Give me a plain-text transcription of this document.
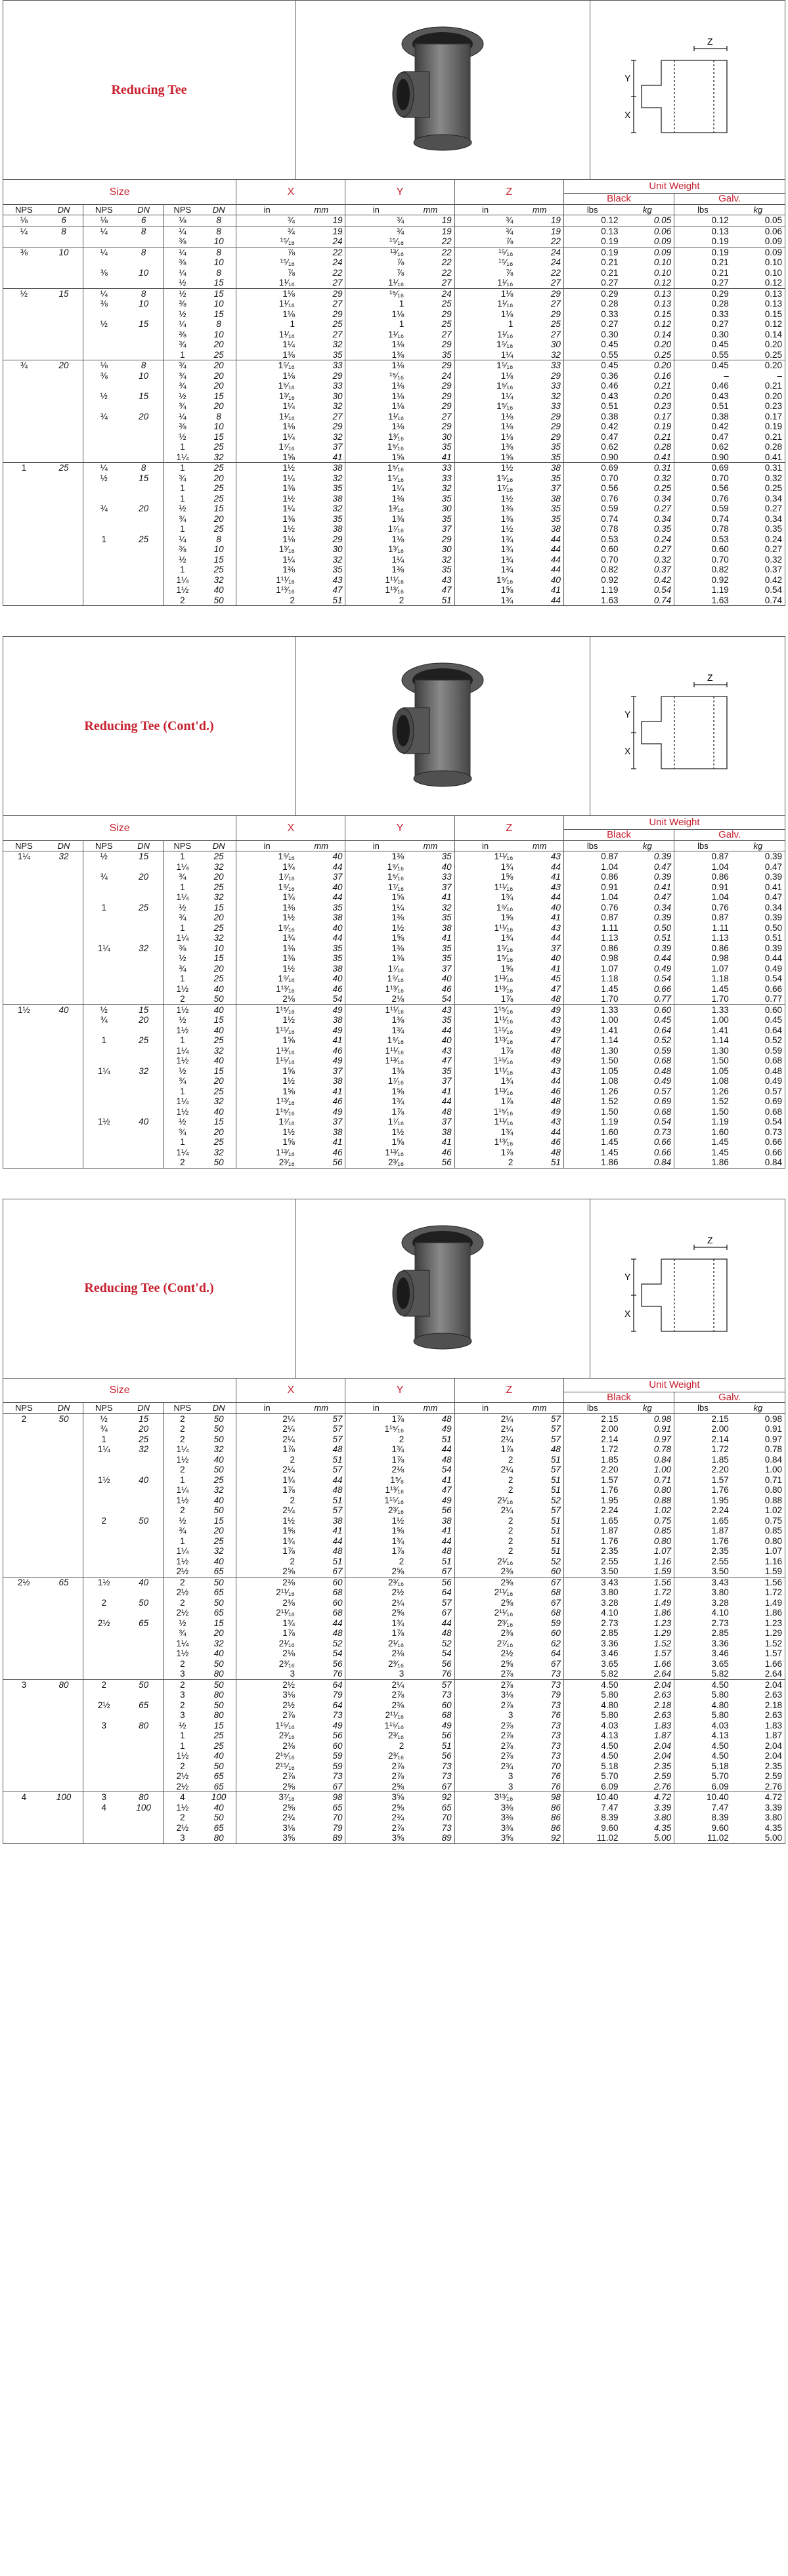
Reducing Tee
Z
Y
X
Size						X		Y		Z		Unit Weight			
												Black		Galv.	
NPS	DN	NPS	DN	NPS	DN	in	mm	in	mm	in	mm	lbs	kg	lbs	kg
⅛	6	⅛	6	⅛	8	¾	19	¾	19	¾	19	0.12	0.05	0.12	0.05
¼	8	¼	8	¼	8	¾	19	¾	19	¾	19	0.13	0.06	0.13	0.06
				⅜	10	¹⁵⁄₁₆	24	¹⁵⁄₁₆	22	⅞	22	0.19	0.09	0.19	0.09
⅜	10	¼	8	¼	8	⅞	22	¹³⁄₁₆	22	¹⁵⁄₁₆	24	0.19	0.09	0.19	0.09
				⅜	10	¹⁵⁄₁₆	24	⅞	22	¹⁵⁄₁₆	24	0.21	0.10	0.21	0.10
		⅜	10	¼	8	⅞	22	⅞	22	⅞	22	0.21	0.10	0.21	0.10
				½	15	1¹⁄₁₆	27	1¹⁄₁₆	27	1¹⁄₁₆	27	0.27	0.12	0.27	0.12
½	15	¼	8	½	15	1⅛	29	¹⁵⁄₁₆	24	1⅛	29	0.29	0.13	0.29	0.13
		⅜	10	⅜	10	1¹⁄₁₆	27	1	25	1¹⁄₁₆	27	0.28	0.13	0.28	0.13
				½	15	1⅛	29	1⅛	29	1⅛	29	0.33	0.15	0.33	0.15
		½	15	¼	8	1	25	1	25	1	25	0.27	0.12	0.27	0.12
				⅜	10	1¹⁄₁₆	27	1¹⁄₁₆	27	1¹⁄₁₆	27	0.30	0.14	0.30	0.14
				¾	20	1¼	32	1⅛	29	1⁵⁄₁₆	30	0.45	0.20	0.45	0.20
				1	25	1⅜	35	1⅜	35	1¼	32	0.55	0.25	0.55	0.25
¾	20	⅛	8	¾	20	1⁵⁄₁₆	33	1⅛	29	1⁵⁄₁₆	33	0.45	0.20	0.45	0.20
		⅜	10	¾	20	1⅛	29	¹⁵⁄₁₆	24	1⅛	29	0.36	0.16	–	–
				¾	20	1⁵⁄₁₆	33	1⅛	29	1⁵⁄₁₆	33	0.46	0.21	0.46	0.21
		½	15	½	15	1³⁄₁₆	30	1⅛	29	1¼	32	0.43	0.20	0.43	0.20
				¾	20	1¼	32	1⅛	29	1⁵⁄₁₆	33	0.51	0.23	0.51	0.23
		¾	20	¼	8	1¹⁄₁₆	27	1¹⁄₁₆	27	1⅛	29	0.38	0.17	0.38	0.17
				⅜	10	1⅛	29	1⅛	29	1⅛	29	0.42	0.19	0.42	0.19
				½	15	1¼	32	1³⁄₁₆	30	1⅛	29	0.47	0.21	0.47	0.21
				1	25	1⁷⁄₁₆	37	1⁵⁄₁₆	35	1⅜	35	0.62	0.28	0.62	0.28
				1¼	32	1⅝	41	1⅝	41	1⅝	35	0.90	0.41	0.90	0.41
1	25	¼	8	1	25	1½	38	1⁵⁄₁₆	33	1½	38	0.69	0.31	0.69	0.31
		½	15	¾	20	1¼	32	1⁵⁄₁₆	33	1⁵⁄₁₆	35	0.70	0.32	0.70	0.32
				1	25	1⅜	35	1¼	32	1⁷⁄₁₆	37	0.56	0.25	0.56	0.25
				1	25	1½	38	1⅜	35	1½	38	0.76	0.34	0.76	0.34
		¾	20	½	15	1¼	32	1³⁄₁₆	30	1⅜	35	0.59	0.27	0.59	0.27
				¾	20	1⅜	35	1⅜	35	1⅜	35	0.74	0.34	0.74	0.34
				1	25	1½	38	1⁷⁄₁₆	37	1½	38	0.78	0.35	0.78	0.35
		1	25	¼	8	1⅛	29	1⅛	29	1¾	44	0.53	0.24	0.53	0.24
				⅜	10	1³⁄₁₆	30	1³⁄₁₆	30	1¾	44	0.60	0.27	0.60	0.27
				½	15	1¼	32	1¼	32	1¾	44	0.70	0.32	0.70	0.32
				1	25	1⅜	35	1⅜	35	1¾	44	0.82	0.37	0.82	0.37
				1¼	32	1¹¹⁄₁₆	43	1¹¹⁄₁₆	43	1⁹⁄₁₆	40	0.92	0.42	0.92	0.42
				1½	40	1¹³⁄₁₆	47	1¹³⁄₁₆	47	1⅝	41	1.19	0.54	1.19	0.54
				2	50	2	51	2	51	1¾	44	1.63	0.74	1.63	0.74
Reducing Tee (Cont'd.)
Z
Y
X
Size						X		Y		Z		Unit Weight			
												Black		Galv.	
NPS	DN	NPS	DN	NPS	DN	in	mm	in	mm	in	mm	lbs	kg	lbs	kg
1¼	32	½	15	1	25	1⁹⁄₁₆	40	1⅜	35	1¹¹⁄₁₆	43	0.87	0.39	0.87	0.39
				1¼	32	1¾	44	1⁹⁄₁₆	40	1¾	44	1.04	0.47	1.04	0.47
		¾	20	¾	20	1⁷⁄₁₆	37	1⁵⁄₁₆	33	1⅝	41	0.86	0.39	0.86	0.39
				1	25	1⁹⁄₁₆	40	1⁷⁄₁₆	37	1¹¹⁄₁₆	43	0.91	0.41	0.91	0.41
				1¼	32	1¾	44	1⅝	41	1¾	44	1.04	0.47	1.04	0.47
		1	25	½	15	1⅜	35	1¼	32	1⁹⁄₁₆	40	0.76	0.34	0.76	0.34
				¾	20	1½	38	1⅜	35	1⅝	41	0.87	0.39	0.87	0.39
				1	25	1⁹⁄₁₆	40	1½	38	1¹¹⁄₁₆	43	1.11	0.50	1.11	0.50
				1¼	32	1¾	44	1⅝	41	1¾	44	1.13	0.51	1.13	0.51
		1¼	32	⅜	10	1⅜	35	1⅜	35	1⁵⁄₁₆	37	0.86	0.39	0.86	0.39
				½	15	1⅜	35	1⅜	35	1⁵⁄₁₆	40	0.98	0.44	0.98	0.44
				¾	20	1½	38	1⁷⁄₁₆	37	1⅝	41	1.07	0.49	1.07	0.49
				1	25	1⁹⁄₁₆	40	1⁹⁄₁₆	40	1¹³⁄₁₆	45	1.18	0.54	1.18	0.54
				1½	40	1¹³⁄₁₆	46	1¹³⁄₁₆	46	1¹³⁄₁₆	47	1.45	0.66	1.45	0.66
				2	50	2⅛	54	2⅛	54	1⅞	48	1.70	0.77	1.70	0.77
1½	40	½	15	1½	40	1¹⁵⁄₁₆	49	1¹¹⁄₁₆	43	1¹⁵⁄₁₆	49	1.33	0.60	1.33	0.60
		¾	20	½	15	1½	38	1⅜	35	1¹¹⁄₁₆	43	1.00	0.45	1.00	0.45
				1½	40	1¹⁵⁄₁₆	49	1¾	44	1¹⁵⁄₁₆	49	1.41	0.64	1.41	0.64
		1	25	1	25	1⅝	41	1⁹⁄₁₆	40	1¹³⁄₁₆	47	1.14	0.52	1.14	0.52
				1¼	32	1¹³⁄₁₆	46	1¹¹⁄₁₆	43	1⅞	48	1.30	0.59	1.30	0.59
				1½	40	1¹⁵⁄₁₆	49	1¹³⁄₁₆	47	1¹⁵⁄₁₆	49	1.50	0.68	1.50	0.68
		1¼	32	½	15	1⅝	37	1⅜	35	1¹¹⁄₁₆	43	1.05	0.48	1.05	0.48
				¾	20	1½	38	1⁷⁄₁₆	37	1¾	44	1.08	0.49	1.08	0.49
				1	25	1⅝	41	1⅝	41	1¹³⁄₁₆	46	1.26	0.57	1.26	0.57
				1¼	32	1¹³⁄₁₆	46	1¾	44	1⅞	48	1.52	0.69	1.52	0.69
				1½	40	1¹⁵⁄₁₆	49	1⅞	48	1¹⁵⁄₁₆	49	1.50	0.68	1.50	0.68
		1½	40	½	15	1⁷⁄₁₆	37	1⁷⁄₁₆	37	1¹¹⁄₁₆	43	1.19	0.54	1.19	0.54
				¾	20	1½	38	1½	38	1¾	44	1.60	0.73	1.60	0.73
				1	25	1⅝	41	1⅝	41	1¹³⁄₁₆	46	1.45	0.66	1.45	0.66
				1¼	32	1¹³⁄₁₆	46	1¹³⁄₁₆	46	1⅞	48	1.45	0.66	1.45	0.66
				2	50	2³⁄₁₆	56	2³⁄₁₆	56	2	51	1.86	0.84	1.86	0.84
Reducing Tee (Cont'd.)
Z
Y
X
Size						X		Y		Z		Unit Weight			
												Black		Galv.	
NPS	DN	NPS	DN	NPS	DN	in	mm	in	mm	in	mm	lbs	kg	lbs	kg
2	50	½	15	2	50	2¼	57	1⅞	48	2¼	57	2.15	0.98	2.15	0.98
		¾	20	2	50	2¼	57	1¹⁵⁄₁₆	49	2¼	57	2.00	0.91	2.00	0.91
		1	25	2	50	2¼	57	2	51	2¼	57	2.14	0.97	2.14	0.97
		1¼	32	1¼	32	1⅞	48	1¾	44	1⅞	48	1.72	0.78	1.72	0.78
				1½	40	2	51	1⅞	48	2	51	1.85	0.84	1.85	0.84
				2	50	2¼	57	2⅛	54	2¼	57	2.20	1.00	2.20	1.00
		1½	40	1	25	1¾	44	1⁵⁄₈	41	2	51	1.57	0.71	1.57	0.71
				1¼	32	1⅞	48	1¹³⁄₁₆	47	2	51	1.76	0.80	1.76	0.80
				1½	40	2	51	1¹⁵⁄₁₆	49	2¹⁄₁₆	52	1.95	0.88	1.95	0.88
				2	50	2¼	57	2³⁄₁₆	56	2¼	57	2.24	1.02	2.24	1.02
		2	50	½	15	1½	38	1½	38	2	51	1.65	0.75	1.65	0.75
				¾	20	1⅝	41	1⅝	41	2	51	1.87	0.85	1.87	0.85
				1	25	1¾	44	1¾	44	2	51	1.76	0.80	1.76	0.80
				1¼	32	1⅞	48	1⅞	48	2	51	2.35	1.07	2.35	1.07
				1½	40	2	51	2	51	2¹⁄₁₆	52	2.55	1.16	2.55	1.16
				2½	65	2⅝	67	2⅝	67	2⅜	60	3.50	1.59	3.50	1.59
2½	65	1½	40	2	50	2⅜	60	2³⁄₁₆	56	2⅝	67	3.43	1.56	3.43	1.56
				2½	65	2¹¹⁄₁₆	68	2½	64	2¹¹⁄₁₆	68	3.80	1.72	3.80	1.72
		2	50	2	50	2⅜	60	2¼	57	2⅝	67	3.28	1.49	3.28	1.49
				2½	65	2¹¹⁄₁₆	68	2⅝	67	2¹¹⁄₁₆	68	4.10	1.86	4.10	1.86
		2½	65	½	15	1¾	44	1¾	44	2³⁄₁₆	59	2.73	1.23	2.73	1.23
				¾	20	1⅞	48	1⅞	48	2⅜	60	2.85	1.29	2.85	1.29
				1¼	32	2¹⁄₁₆	52	2¹⁄₁₆	52	2⁷⁄₁₆	62	3.36	1.52	3.36	1.52
				1½	40	2⅛	54	2⅛	54	2½	64	3.46	1.57	3.46	1.57
				2	50	2³⁄₁₆	56	2³⁄₁₆	56	2⅝	67	3.65	1.66	3.65	1.66
				3	80	3	76	3	76	2⅞	73	5.82	2.64	5.82	2.64
3	80	2	50	2	50	2½	64	2¼	57	2⅞	73	4.50	2.04	4.50	2.04
				3	80	3⅛	79	2⅞	73	3⅛	79	5.80	2.63	5.80	2.63
		2½	65	2	50	2½	64	2⅜	60	2⅞	73	4.80	2.18	4.80	2.18
				3	80	2⅞	73	2¹¹⁄₁₆	68	3	76	5.80	2.63	5.80	2.63
		3	80	½	15	1¹⁵⁄₁₆	49	1¹⁵⁄₁₆	49	2⅞	73	4.03	1.83	4.03	1.83
				1	25	2³⁄₁₆	56	2³⁄₁₆	56	2⅞	73	4.13	1.87	4.13	1.87
				1	25	2⅜	60	2	51	2⅞	73	4.50	2.04	4.50	2.04
				1½	40	2¹⁵⁄₁₆	59	2³⁄₁₆	56	2⅞	73	4.50	2.04	4.50	2.04
				2	50	2¹⁵⁄₁₆	59	2⅞	73	2¾	70	5.18	2.35	5.18	2.35
				2½	65	2⅞	73	2⅞	73	3	76	5.70	2.59	5.70	2.59
				2½	65	2⅝	67	2⅝	67	3	76	6.09	2.76	6.09	2.76
4	100	3	80	4	100	3⁷⁄₁₆	98	3⅝	92	3¹³⁄₁₆	98	10.40	4.72	10.40	4.72
		4	100	1½	40	2⅝	65	2⅝	65	3⅜	86	7.47	3.39	7.47	3.39
				2	50	2¾	70	2¾	70	3⅜	86	8.39	3.80	8.39	3.80
				2½	65	3⅛	79	2⅞	73	3⅜	86	9.60	4.35	9.60	4.35
				3	80	3⅝	89	3⅝	89	3⅝	92	11.02	5.00	11.02	5.00
